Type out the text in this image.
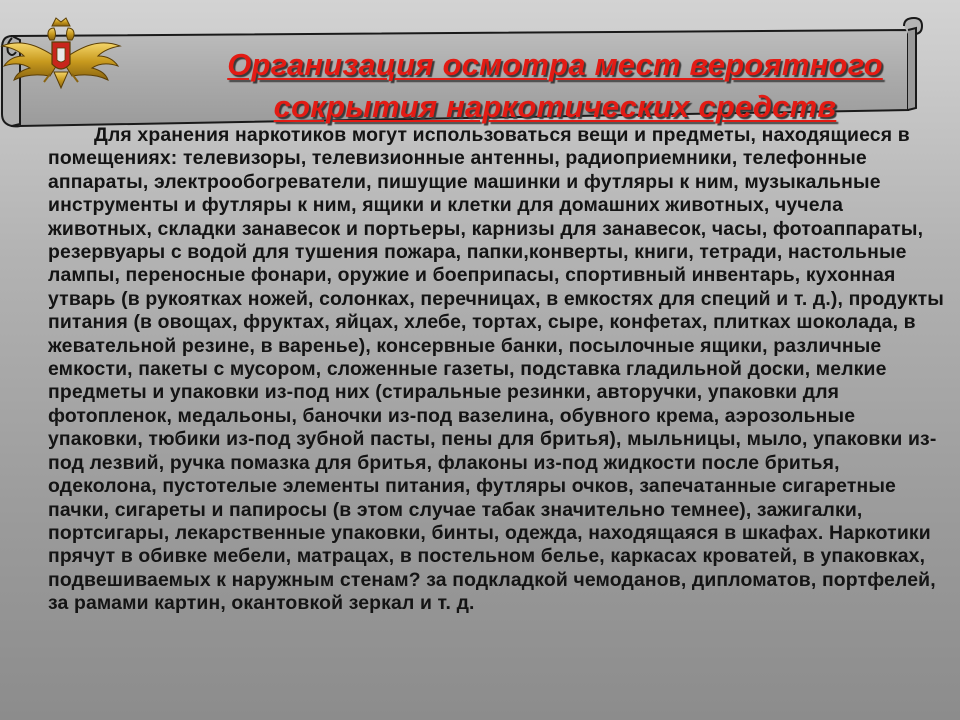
Организация осмотра мест вероятного
сокрытия наркотических средств

Для хранения наркотиков могут использоваться вещи и предметы, находящиеся в помещениях: телевизоры, телевизионные антенны, радиоприемники, телефонные аппараты, электрообогреватели, пишущие машинки и футляры к ним, музыкальные инструменты и футляры к ним, ящики и клетки для домашних животных, чучела животных, складки занавесок и портьеры, карнизы для занавесок, часы, фотоаппараты, резервуары с водой для тушения пожара, папки,конверты, книги, тетради, настольные лампы, переносные фонари, оружие и боеприпасы, спортивный инвентарь, кухонная утварь (в рукоятках ножей, солонках, перечницах, в емкостях для специй и т. д.), продукты питания (в овощах, фруктах, яйцах, хлебе, тортах, сыре, конфетах, плитках шоколада, в жевательной резине, в варенье), консервные банки, посылочные ящики, различные емкости, пакеты с мусором, сложенные газеты, подставка гладильной доски, мелкие предметы и упаковки из-под них (стиральные резинки, авторучки, упаковки для фотопленок, медальоны, баночки из-под вазелина, обувного крема, аэрозольные упаковки, тюбики из-под зубной пасты, пены для бритья), мыльницы, мыло, упаковки из-под лезвий, ручка помазка для бритья, флаконы из-под жидкости после бритья, одеколона, пустотелые элементы питания, футляры очков, запечатанные сигаретные пачки, сигареты и папиросы (в этом случае табак значительно темнее), зажигалки, портсигары, лекарственные упаковки, бинты, одежда, находящаяся в шкафах. Наркотики прячут в обивке мебели, матрацах, в постельном белье, каркасах кроватей, в упаковках, подвешиваемых к наружным стенам? за подкладкой чемоданов, дипломатов, портфелей, за рамами картин, окантовкой зеркал и т. д.
